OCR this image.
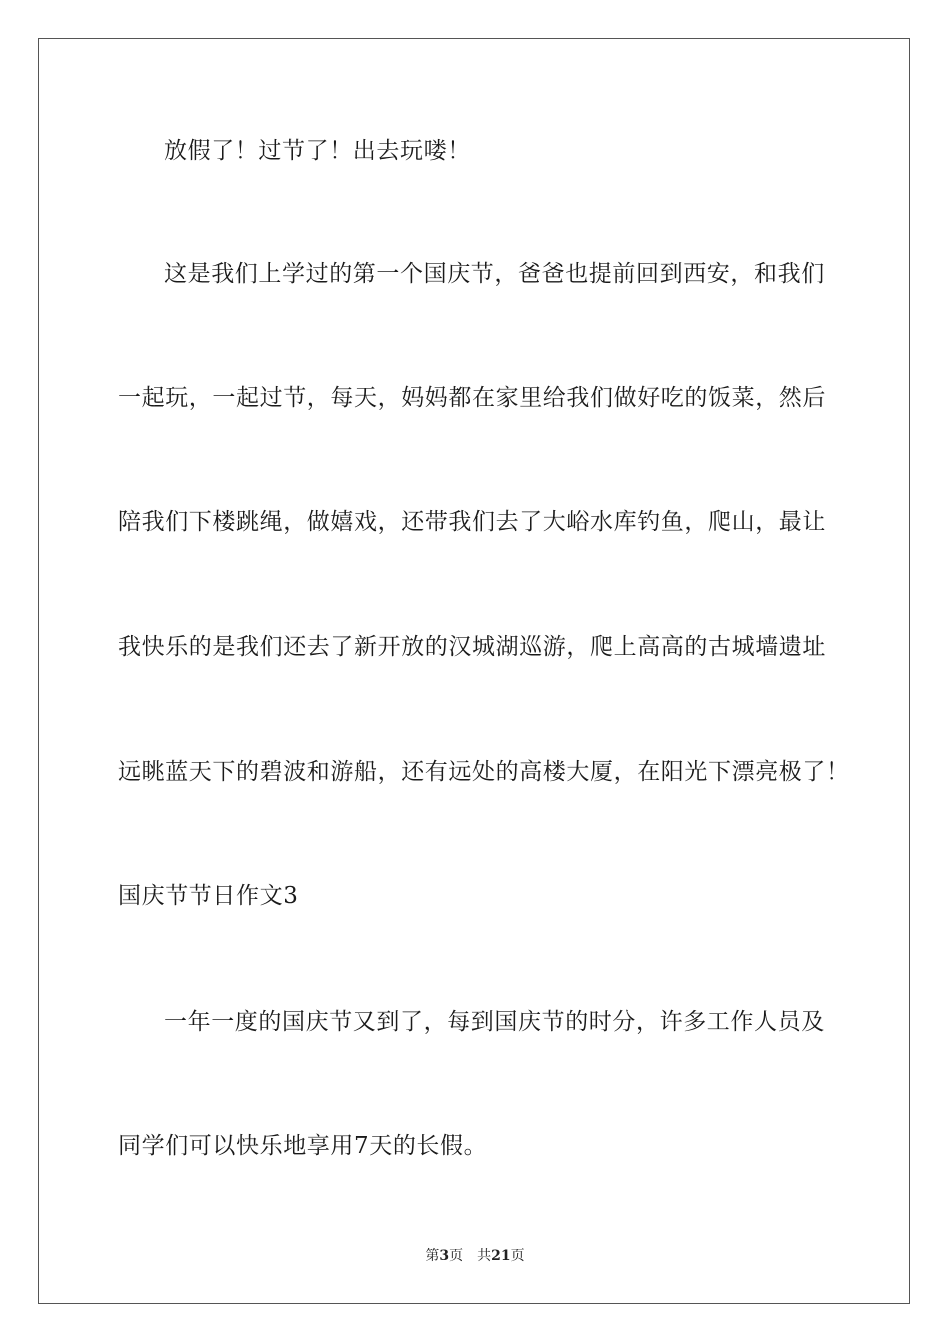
放假了！过节了！出去玩喽！
这是我们上学过的第一个国庆节，爸爸也提前回到西安，和我们
一起玩，一起过节，每天，妈妈都在家里给我们做好吃的饭菜，然后
陪我们下楼跳绳，做嬉戏，还带我们去了大峪水库钓鱼，爬山，最让
我快乐的是我们还去了新开放的汉城湖巡游，爬上高高的古城墙遗址
远眺蓝天下的碧波和游船，还有远处的高楼大厦，在阳光下漂亮极了！
国庆节节日作文3
一年一度的国庆节又到了，每到国庆节的时分，许多工作人员及
同学们可以快乐地享用7天的长假。
第3页　共21页
